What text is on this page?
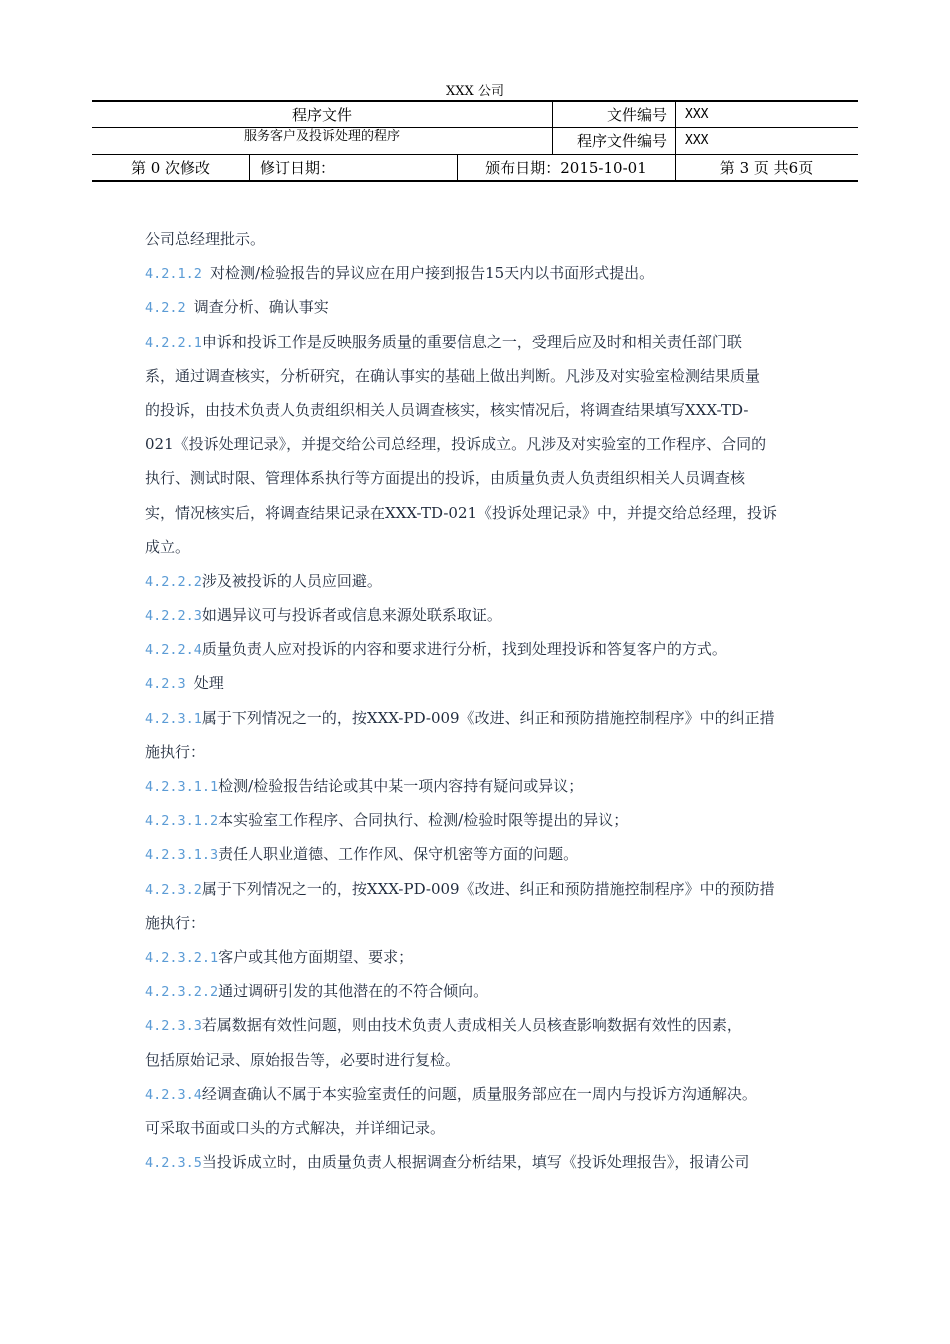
XXX 公司
程序文件
服务客户及投诉处理的程序
文件编号 XXX
程序文件编号 XXX
第 0 次修改	修订日期：	颁布日期：2015-10-01	第 3 页 共6页

公司总经理批示。

4.2.1.2 对检测/检验报告的异议应在用户接到报告15天内以书面形式提出。

4.2.2 调查分析、确认事实

4.2.2.1申诉和投诉工作是反映服务质量的重要信息之一，受理后应及时和相关责任部门联

系，通过调查核实，分析研究，在确认事实的基础上做出判断。凡涉及对实验室检测结果质量

的投诉，由技术负责人负责组织相关人员调查核实，核实情况后，将调查结果填写XXX-TD-

021《投诉处理记录》，并提交给公司总经理，投诉成立。凡涉及对实验室的工作程序、合同的

执行、测试时限、管理体系执行等方面提出的投诉，由质量负责人负责组织相关人员调查核

实，情况核实后，将调查结果记录在XXX-TD-021《投诉处理记录》中，并提交给总经理，投诉

成立。

4.2.2.2涉及被投诉的人员应回避。

4.2.2.3如遇异议可与投诉者或信息来源处联系取证。

4.2.2.4质量负责人应对投诉的内容和要求进行分析，找到处理投诉和答复客户的方式。

4.2.3 处理

4.2.3.1属于下列情况之一的，按XXX-PD-009《改进、纠正和预防措施控制程序》中的纠正措

施执行：

4.2.3.1.1检测/检验报告结论或其中某一项内容持有疑问或异议；

4.2.3.1.2本实验室工作程序、合同执行、检测/检验时限等提出的异议；

4.2.3.1.3责任人职业道德、工作作风、保守机密等方面的问题。

4.2.3.2属于下列情况之一的，按XXX-PD-009《改进、纠正和预防措施控制程序》中的预防措

施执行：

4.2.3.2.1客户或其他方面期望、要求；

4.2.3.2.2通过调研引发的其他潜在的不符合倾向。

4.2.3.3若属数据有效性问题，则由技术负责人责成相关人员核查影响数据有效性的因素，

包括原始记录、原始报告等，必要时进行复检。

4.2.3.4经调查确认不属于本实验室责任的问题，质量服务部应在一周内与投诉方沟通解决。

可采取书面或口头的方式解决，并详细记录。

4.2.3.5当投诉成立时，由质量负责人根据调查分析结果，填写《投诉处理报告》，报请公司
